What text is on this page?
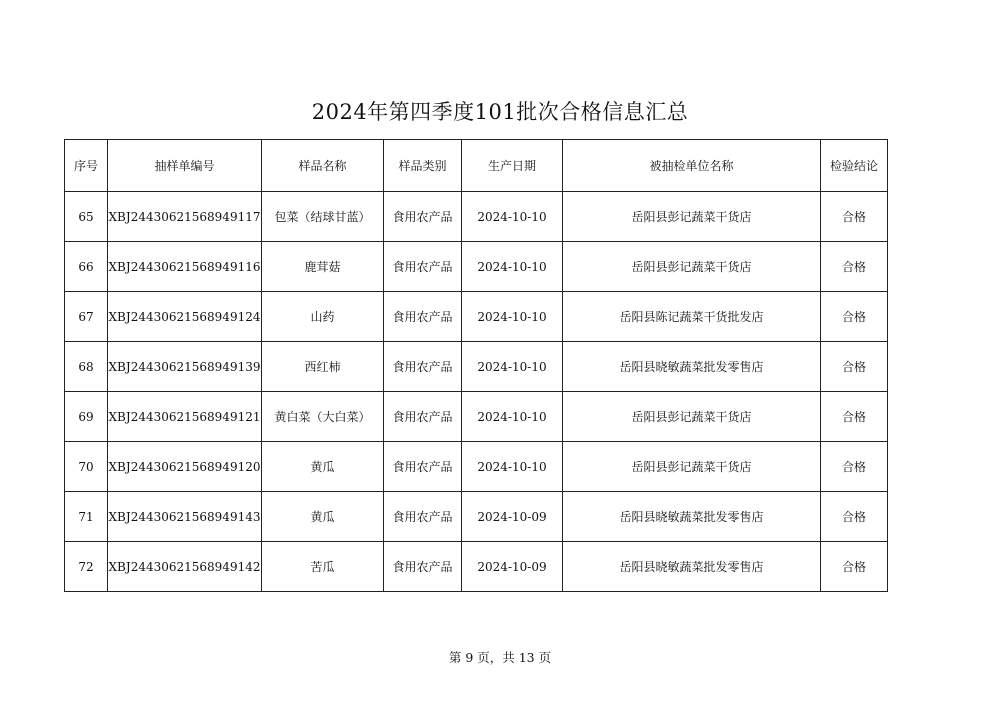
2024年第四季度101批次合格信息汇总
序号	抽样单编号	样品名称	样品类别	生产日期	被抽检单位名称	检验结论
65	XBJ24430621568949117	包菜（结球甘蓝）	食用农产品	2024-10-10	岳阳县彭记蔬菜干货店	合格
66	XBJ24430621568949116	鹿茸菇	食用农产品	2024-10-10	岳阳县彭记蔬菜干货店	合格
67	XBJ24430621568949124	山药	食用农产品	2024-10-10	岳阳县陈记蔬菜干货批发店	合格
68	XBJ24430621568949139	西红柿	食用农产品	2024-10-10	岳阳县晓敏蔬菜批发零售店	合格
69	XBJ24430621568949121	黄白菜（大白菜）	食用农产品	2024-10-10	岳阳县彭记蔬菜干货店	合格
70	XBJ24430621568949120	黄瓜	食用农产品	2024-10-10	岳阳县彭记蔬菜干货店	合格
71	XBJ24430621568949143	黄瓜	食用农产品	2024-10-09	岳阳县晓敏蔬菜批发零售店	合格
72	XBJ24430621568949142	苦瓜	食用农产品	2024-10-09	岳阳县晓敏蔬菜批发零售店	合格
第 9 页，共 13 页
